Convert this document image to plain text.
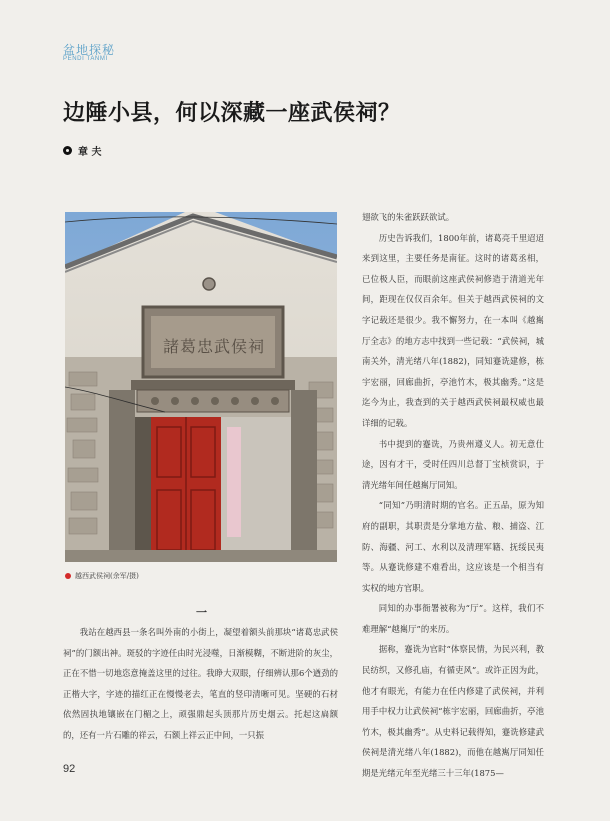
盆地探秘
PENDI TANMI
边陲小县，何以深藏一座武侯祠？
章 夫
諸葛忠武侯祠
越西武侯祠(余军/摄)
一

我站在越西县一条名叫外南的小街上，凝望着额头前那块“诸葛忠武侯祠”的门额出神。斑驳的字迹任由时光浸噬，日渐模糊，不断进阶的灰尘，正在不惜一切地恣意掩盖这里的过往。我睁大双眼，仔细辨认那6个遒劲的正楷大字，字迹的描红正在慢慢老去，笔直的竖印清晰可见。坚硬的石材依然固执地镶嵌在门楣之上，顽强鼎起头顶那片历史烟云。托起这扁额的，还有一片石雕的祥云，石额上祥云正中间，一只振

翅欲飞的朱雀跃跃欲试。

历史告诉我们，1800年前，诸葛亮千里迢迢来到这里，主要任务是南征。这时的诸葛丞相，已位极人臣，而眼前这座武侯祠修造于清道光年间，距现在仅仅百余年。但关于越西武侯祠的文字记载还是很少。我不懈努力，在一本叫《越嶲厅全志》的地方志中找到一些记载：“武侯祠，城南关外，清光绪八年(1882)，同知蹇诜建修，栋宇宏丽，回廊曲折，亭池竹木，极其幽秀。”这是迄今为止，我查到的关于越西武侯祠最权威也最详细的记载。

书中提到的蹇诜，乃贵州遵义人。初无意仕途，因有才干，受时任四川总督丁宝桢赏识，于清光绪年间任越嶲厅同知。

“同知”乃明清时期的官名。正五品，原为知府的副职，其职责是分掌地方盐、粮、捕盗、江防、海疆、河工、水利以及清理军籍、抚绥民夷等。从蹇诜修建不难看出，这应该是一个相当有实权的地方官职。

同知的办事衙署被称为“厅”。这样，我们不难理解“越嶲厅”的来历。

据称，蹇诜为官时“体察民情，为民兴利，教民纺织，又修孔庙，有循吏风”。或许正因为此，他才有眼光，有能力在任内修建了武侯祠，并利用手中权力让武侯祠“栋宇宏丽，回廊曲折，亭池竹木，极其幽秀”。从史料记载得知，蹇诜修建武侯祠是清光绪八年(1882)，而他在越嶲厅同知任期是光绪元年至光绪三十三年(1875—

92
